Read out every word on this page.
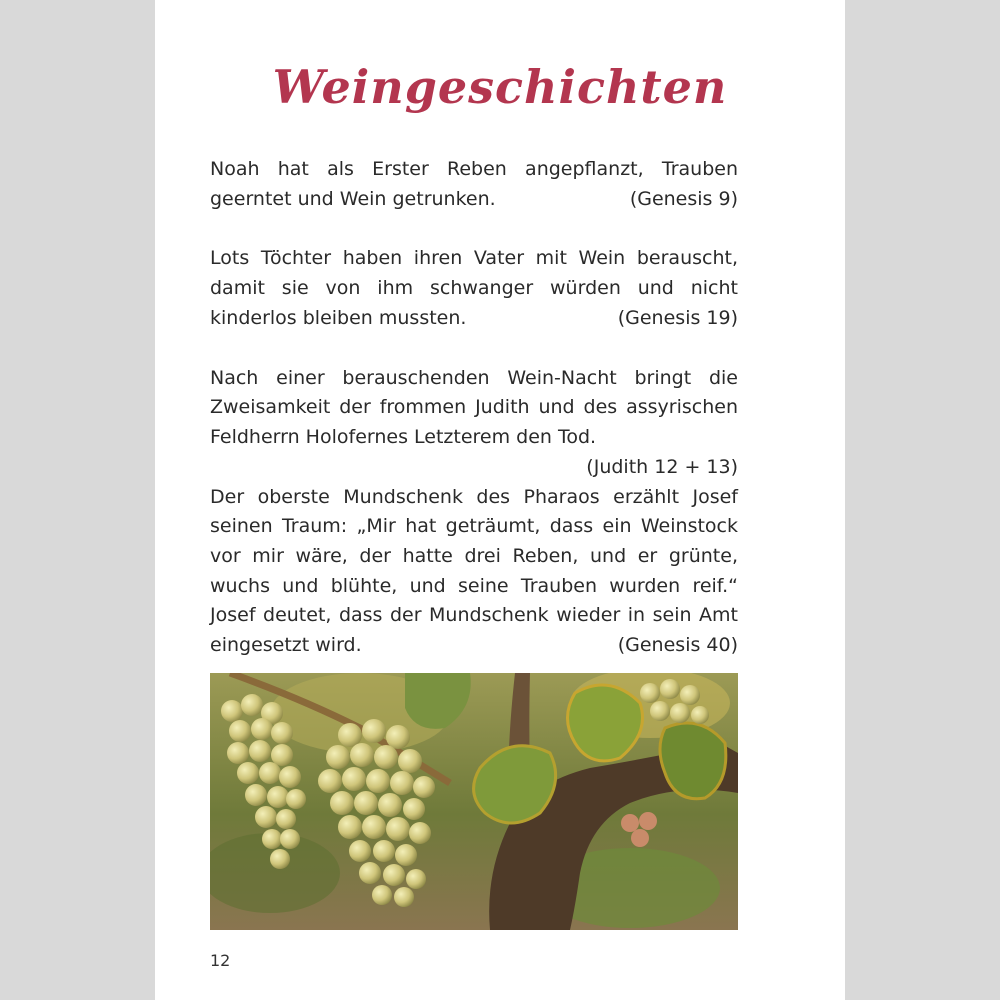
Weingeschichten

Noah hat als Erster Reben angepflanzt, Trauben geerntet und Wein getrunken.	(Genesis 9)

Lots Töchter haben ihren Vater mit Wein berauscht, damit sie von ihm schwanger würden und nicht kinderlos bleiben mussten.	(Genesis 19)

Nach einer berauschenden Wein-Nacht bringt die Zweisamkeit der frommen Judith und des assyrischen Feldherrn Holofernes Letzterem den Tod.
(Judith 12 + 13)

Der oberste Mundschenk des Pharaos erzählt Josef seinen Traum: „Mir hat geträumt, dass ein Weinstock vor mir wäre, der hatte drei Reben, und er grünte, wuchs und blühte, und seine Trauben wurden reif.“ Josef deutet, dass der Mundschenk wieder in sein Amt eingesetzt wird.	(Genesis 40)

12
